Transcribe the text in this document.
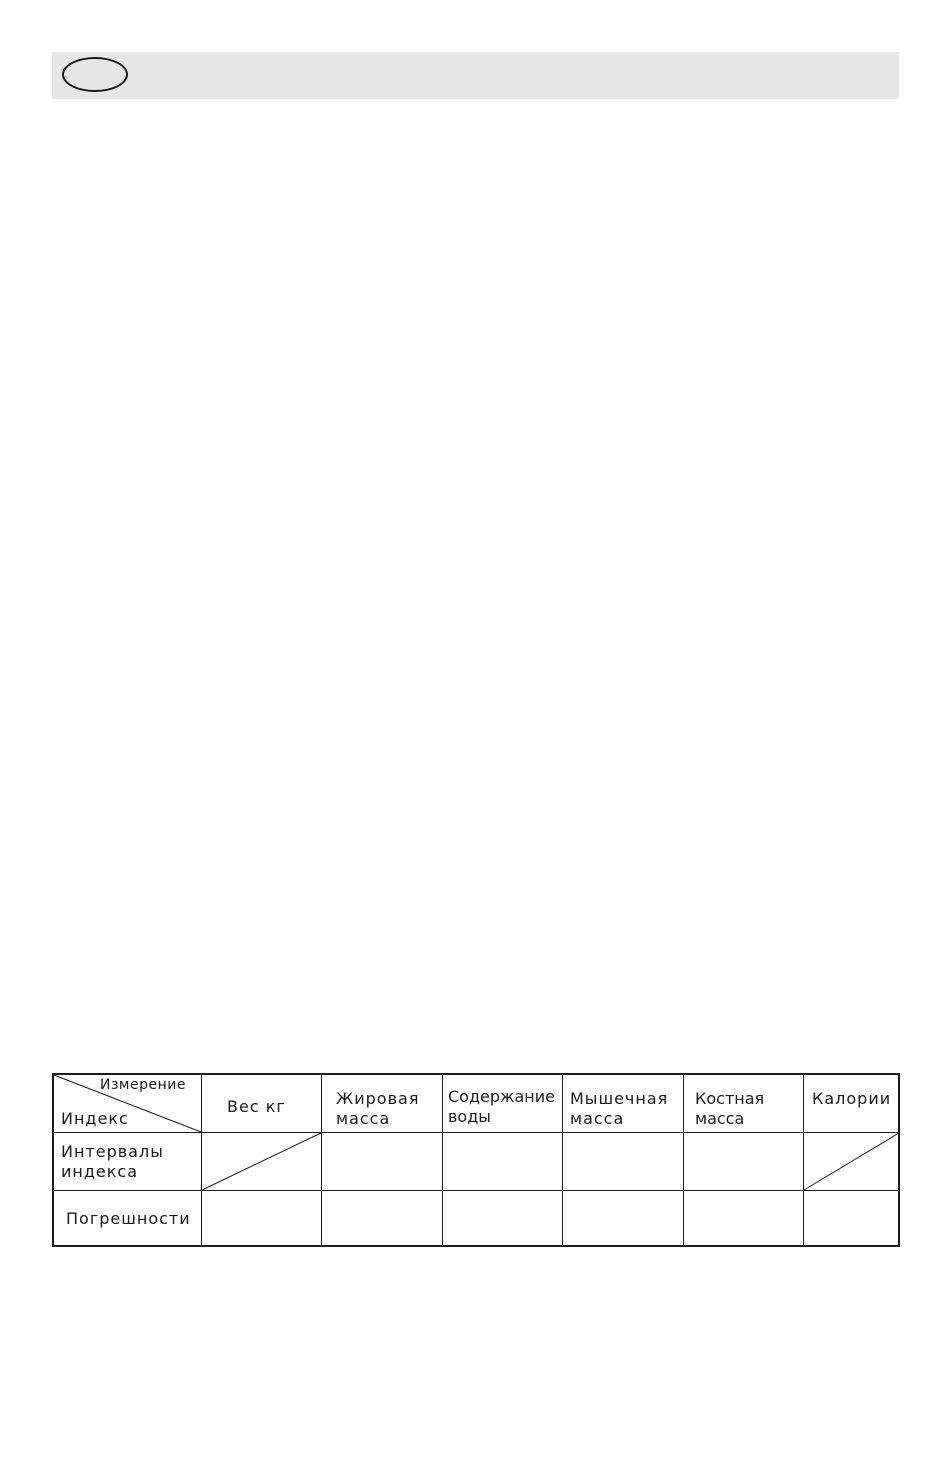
Измерение
Индекс
Вес кг	Жировая
масса
Содержание
воды
Мышечная
масса
Костная
масса
Калории
Интервалы
индекса
Погрешности
